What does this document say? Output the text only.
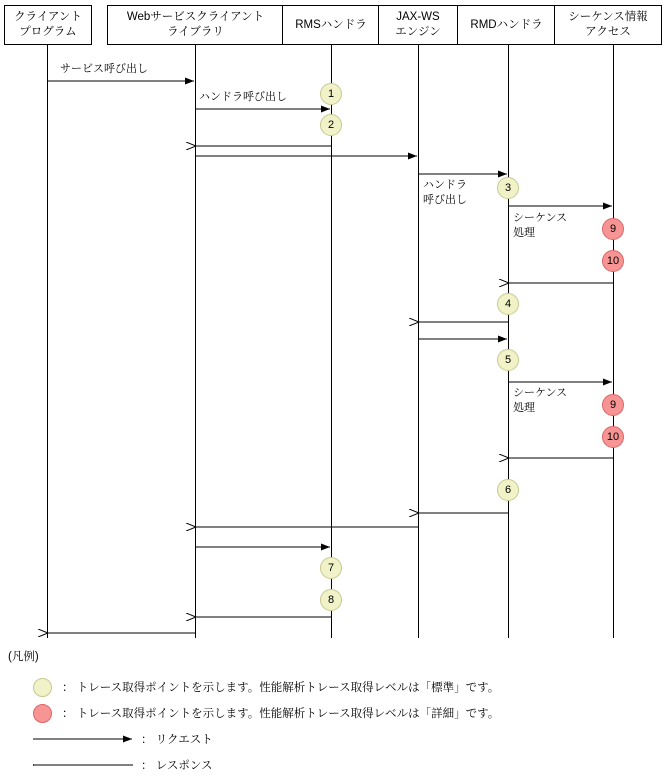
クライアント
プログラム
Webサービスクライアント
ライブラリ
RMSハンドラ
JAX-WS
エンジン
RMDハンドラ
シーケンス情報
アクセス
サービス呼び出し
ハンドラ呼び出し
ハンドラ
呼び出し
シーケンス
処理
シーケンス
処理
1
2
3
9
10
4
5
9
10
6
7
8
(凡例)
： トレース取得ポイントを示します。性能解析トレース取得レベルは「標準」です。
： トレース取得ポイントを示します。性能解析トレース取得レベルは「詳細」です。
： リクエスト
： レスポンス
